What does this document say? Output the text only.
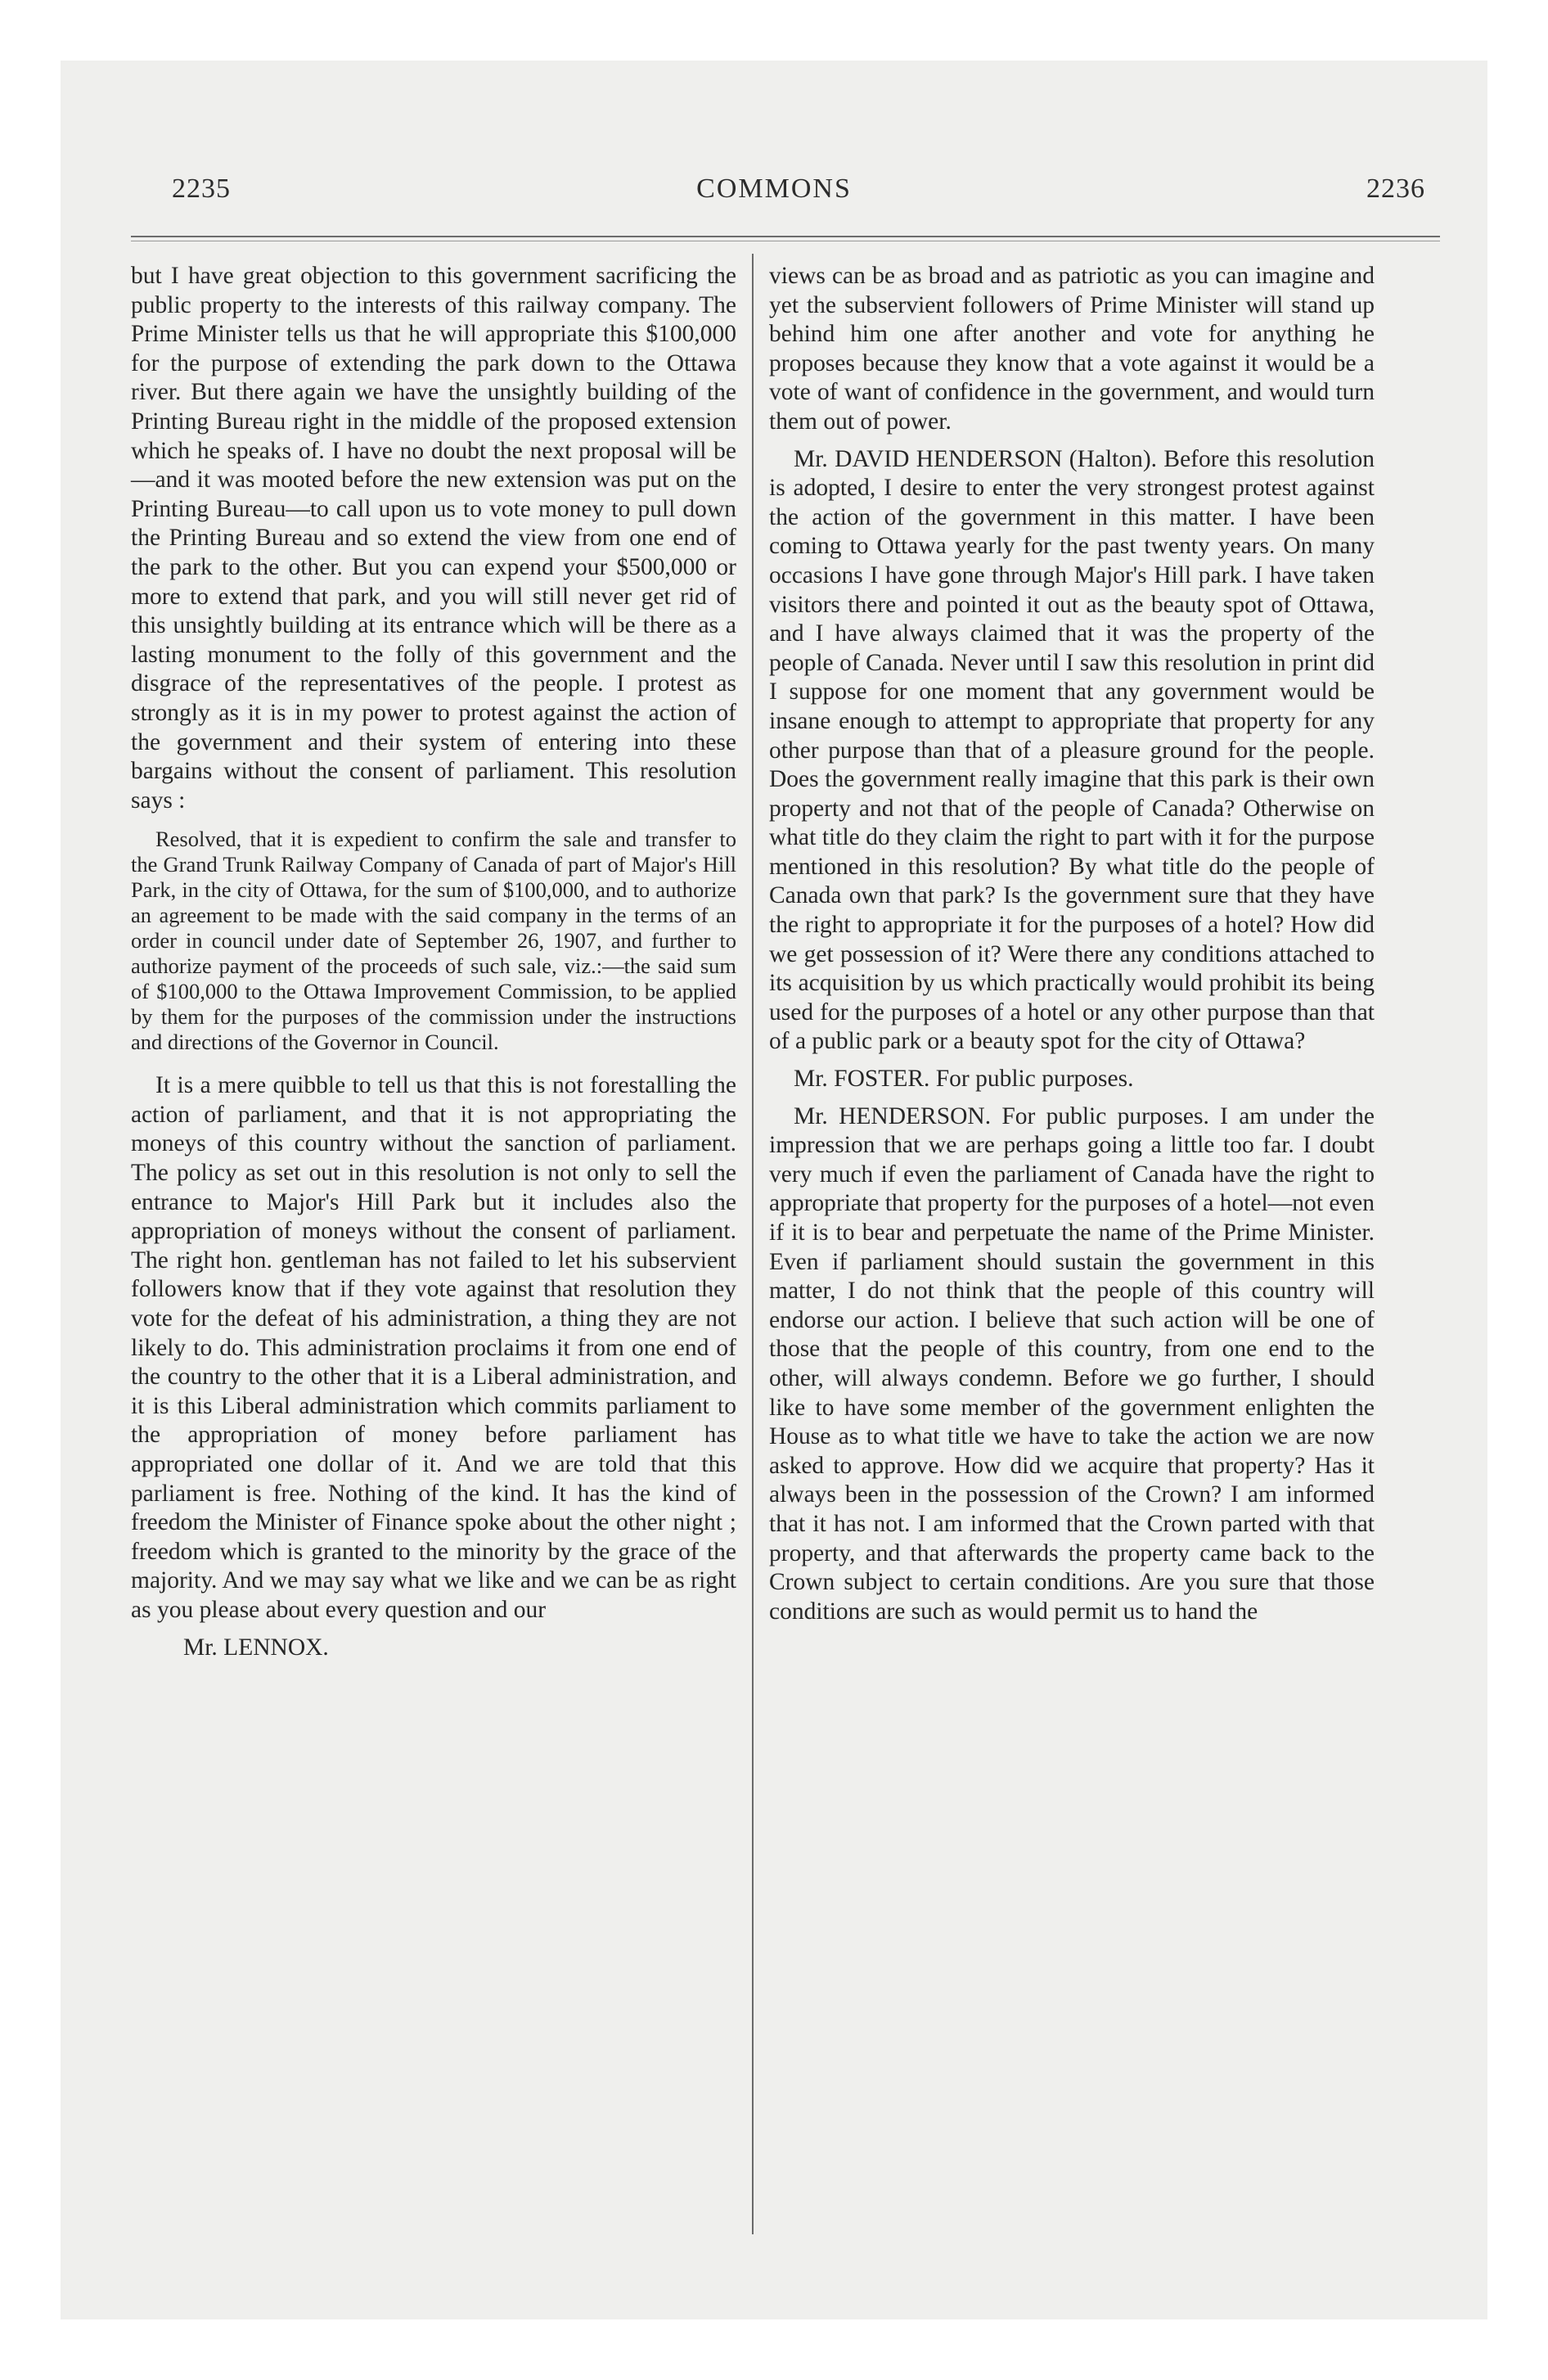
2235	COMMONS	2236

but I have great objection to this government sacrificing the public property to the interests of this railway company. The Prime Minister tells us that he will appropriate this $100,000 for the purpose of extending the park down to the Ottawa river. But there again we have the unsightly building of the Printing Bureau right in the middle of the proposed extension which he speaks of. I have no doubt the next proposal will be—and it was mooted before the new extension was put on the Printing Bureau—to call upon us to vote money to pull down the Printing Bureau and so extend the view from one end of the park to the other. But you can expend your $500,000 or more to extend that park, and you will still never get rid of this unsightly building at its entrance which will be there as a lasting monument to the folly of this government and the disgrace of the representatives of the people. I protest as strongly as it is in my power to protest against the action of the government and their system of entering into these bargains without the consent of parliament. This resolution says :

Resolved, that it is expedient to confirm the sale and transfer to the Grand Trunk Railway Company of Canada of part of Major's Hill Park, in the city of Ottawa, for the sum of $100,000, and to authorize an agreement to be made with the said company in the terms of an order in council under date of September 26, 1907, and further to authorize payment of the proceeds of such sale, viz.:—the said sum of $100,000 to the Ottawa Improvement Commission, to be applied by them for the purposes of the commission under the instructions and directions of the Governor in Council.

It is a mere quibble to tell us that this is not forestalling the action of parliament, and that it is not appropriating the moneys of this country without the sanction of parliament. The policy as set out in this resolution is not only to sell the entrance to Major's Hill Park but it includes also the appropriation of moneys without the consent of parliament. The right hon. gentleman has not failed to let his subservient followers know that if they vote against that resolution they vote for the defeat of his administration, a thing they are not likely to do. This administration proclaims it from one end of the country to the other that it is a Liberal administration, and it is this Liberal administration which commits parliament to the appropriation of money before parliament has appropriated one dollar of it. And we are told that this parliament is free. Nothing of the kind. It has the kind of freedom the Minister of Finance spoke about the other night ; freedom which is granted to the minority by the grace of the majority. And we may say what we like and we can be as right as you please about every question and our

Mr. LENNOX.

views can be as broad and as patriotic as you can imagine and yet the subservient followers of Prime Minister will stand up behind him one after another and vote for anything he proposes because they know that a vote against it would be a vote of want of confidence in the government, and would turn them out of power.

Mr. DAVID HENDERSON (Halton). Before this resolution is adopted, I desire to enter the very strongest protest against the action of the government in this matter. I have been coming to Ottawa yearly for the past twenty years. On many occasions I have gone through Major's Hill park. I have taken visitors there and pointed it out as the beauty spot of Ottawa, and I have always claimed that it was the property of the people of Canada. Never until I saw this resolution in print did I suppose for one moment that any government would be insane enough to attempt to appropriate that property for any other purpose than that of a pleasure ground for the people. Does the government really imagine that this park is their own property and not that of the people of Canada? Otherwise on what title do they claim the right to part with it for the purpose mentioned in this resolution? By what title do the people of Canada own that park? Is the government sure that they have the right to appropriate it for the purposes of a hotel? How did we get possession of it? Were there any conditions attached to its acquisition by us which practically would prohibit its being used for the purposes of a hotel or any other purpose than that of a public park or a beauty spot for the city of Ottawa?

Mr. FOSTER. For public purposes.

Mr. HENDERSON. For public purposes. I am under the impression that we are perhaps going a little too far. I doubt very much if even the parliament of Canada have the right to appropriate that property for the purposes of a hotel—not even if it is to bear and perpetuate the name of the Prime Minister. Even if parliament should sustain the government in this matter, I do not think that the people of this country will endorse our action. I believe that such action will be one of those that the people of this country, from one end to the other, will always condemn. Before we go further, I should like to have some member of the government enlighten the House as to what title we have to take the action we are now asked to approve. How did we acquire that property? Has it always been in the possession of the Crown? I am informed that it has not. I am informed that the Crown parted with that property, and that afterwards the property came back to the Crown subject to certain conditions. Are you sure that those conditions are such as would permit us to hand the
